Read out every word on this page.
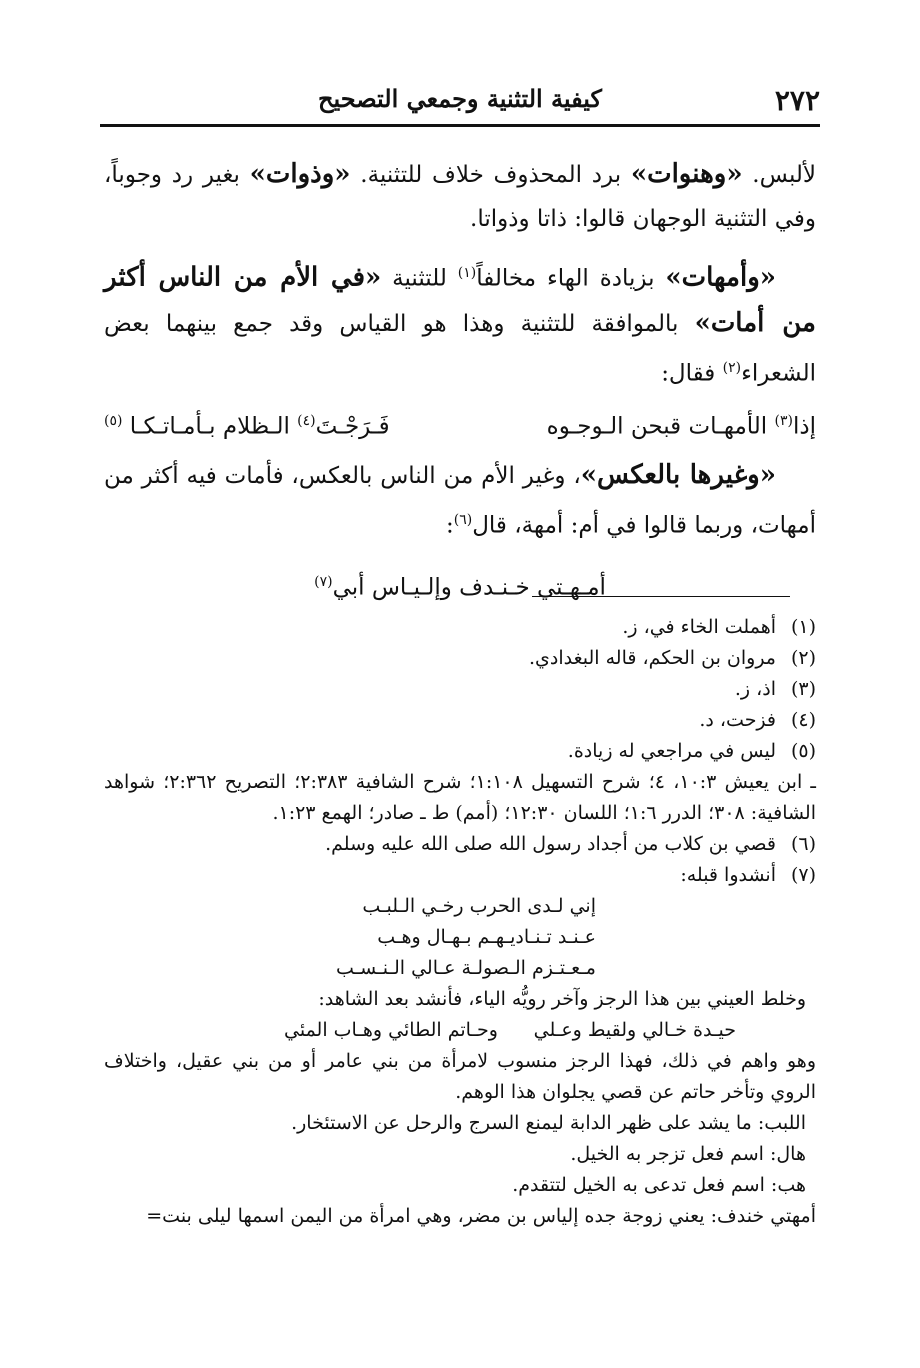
٢٧٢
كيفية التثنية وجمعي التصحيح

لألبس. «وهنوات» برد المحذوف خلاف للتثنية. «وذوات» بغير رد وجوباً، وفي التثنية الوجهان قالوا: ذاتا وذواتا.

«وأمهات» بزيادة الهاء مخالفاً$^{(١)}$ للتثنية «في الأم من الناس أكثر من أمات» بالموافقة للتثنية وهذا هو القياس وقد جمع بينهما بعض الشعراء$^{(٢)}$ فقال:

إذا$^{(٣)}$ الأمهـات قبحن الـوجـوه
فَـرَجْـتَ$^{(٤)}$ الـظلام بـأمـاتـكـا $^{(٥)}$

«وغيرها بالعكس»، وغير الأم من الناس بالعكس، فأمات فيه أكثر من أمهات، وربما قالوا في أم: أمهة، قال$^{(٦)}$:

أمـهـتي خـنـدف وإلـيـاس أبي$^{(٧)}$
(١)
أهملت الخاء في، ز.
(٢)
مروان بن الحكم، قاله البغدادي.
(٣)
اذ، ز.
(٤)
فزحت، د.
(٥)
ليس في مراجعي له زيادة.
ـ ابن يعيش ١٠:٣، ٤؛ شرح التسهيل ١:١٠٨؛ شرح الشافية ٢:٣٨٣؛ التصريح ٢:٣٦٢؛ شواهد الشافية: ٣٠٨؛ الدرر ١:٦؛ اللسان ١٢:٣٠؛ (أمم) ط ـ صادر؛ الهمع ١:٢٣.
(٦)
قصي بن كلاب من أجداد رسول الله صلى الله عليه وسلم.
(٧)
أنشدوا قبله:
إني لـدى الحرب رخـي الـلبـب
عـنـد تـنـاديـهـم بـهـال وهـب
مـعـتـزم الـصولـة عـالي الـنـسـب
وخلط العيني بين هذا الرجز وآخر رويُّه الياء، فأنشد بعد الشاهد:
حيـدة خـالي ولقيط وعـلي
وحـاتم الطائي وهـاب المئي
وهو واهم في ذلك، فهذا الرجز منسوب لامرأة من بني عامر أو من بني عقيل، واختلاف الروي وتأخر حاتم عن قصي يجلوان هذا الوهم.
اللبب: ما يشد على ظهر الدابة ليمنع السرج والرحل عن الاستئخار.
هال: اسم فعل تزجر به الخيل.
هب: اسم فعل تدعى به الخيل لتتقدم.
أمهتي خندف: يعني زوجة جده إلياس بن مضر، وهي امرأة من اليمن اسمها ليلى بنت=
